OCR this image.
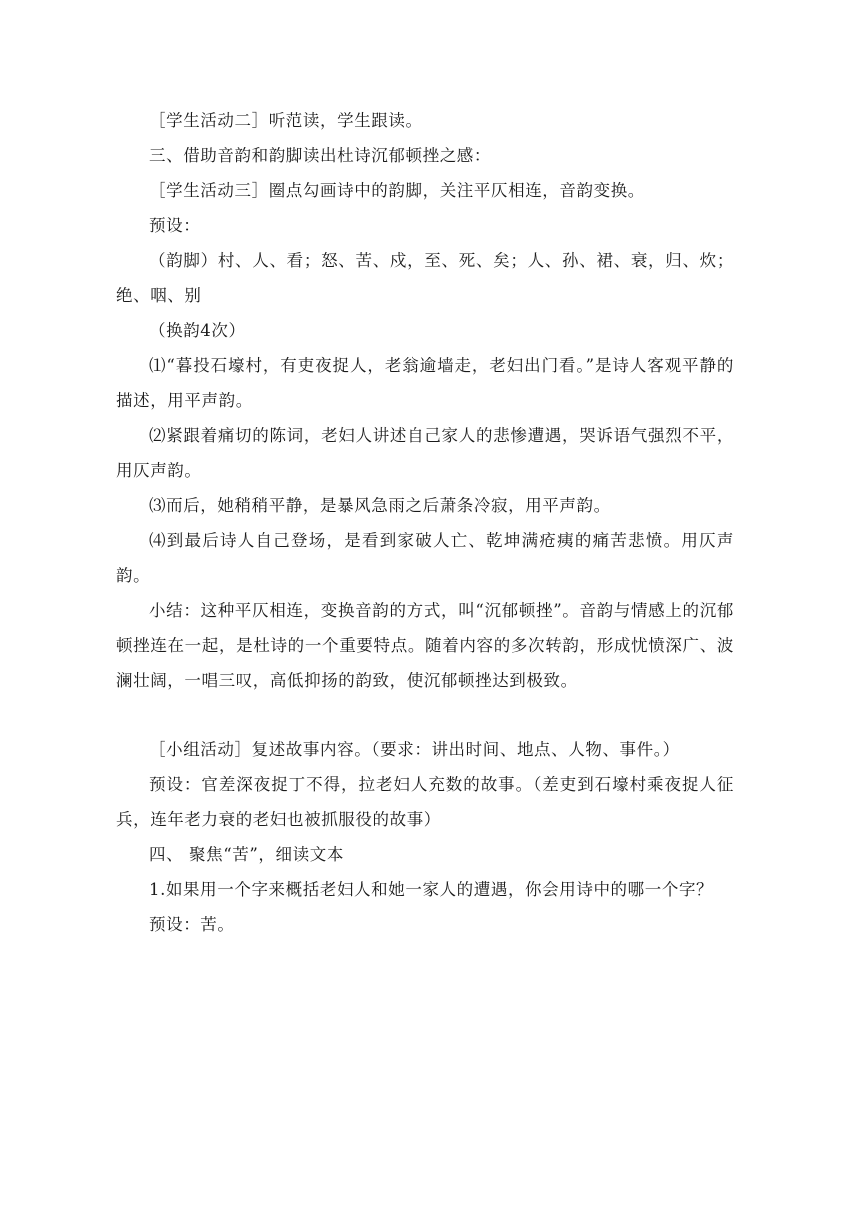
［学生活动二］听范读，学生跟读。

三、借助音韵和韵脚读出杜诗沉郁顿挫之感：

［学生活动三］圈点勾画诗中的韵脚，关注平仄相连，音韵变换。

预设：

（韵脚）村、人、看；怒、苦、戍，至、死、矣；人、孙、裙、衰，归、炊；绝、咽、别

（换韵4次）

⑴“暮投石壕村，有吏夜捉人，老翁逾墙走，老妇出门看。”是诗人客观平静的描述，用平声韵。

⑵紧跟着痛切的陈词，老妇人讲述自己家人的悲惨遭遇，哭诉语气强烈不平，用仄声韵。

⑶而后，她稍稍平静，是暴风急雨之后萧条冷寂，用平声韵。

⑷到最后诗人自己登场，是看到家破人亡、乾坤满疮痍的痛苦悲愤。用仄声韵。

小结：这种平仄相连，变换音韵的方式，叫“沉郁顿挫”。音韵与情感上的沉郁顿挫连在一起，是杜诗的一个重要特点。随着内容的多次转韵，形成忧愤深广、波澜壮阔，一唱三叹，高低抑扬的韵致，使沉郁顿挫达到极致。

［小组活动］复述故事内容。（要求：讲出时间、地点、人物、事件。）

预设：官差深夜捉丁不得，拉老妇人充数的故事。（差吏到石壕村乘夜捉人征兵，连年老力衰的老妇也被抓服役的故事）

四、 聚焦“苦”，细读文本

1.如果用一个字来概括老妇人和她一家人的遭遇，你会用诗中的哪一个字？

预设：苦。
